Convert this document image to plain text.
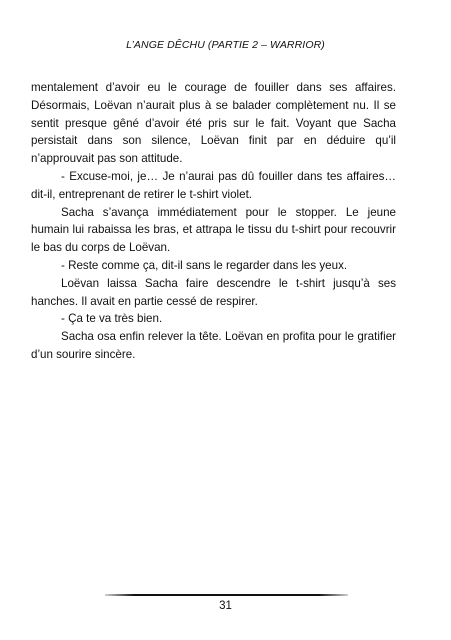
L’ANGE DÊCHU (PARTIE 2 – WARRIOR)

mentalement d’avoir eu le courage de fouiller dans ses affaires. Désormais, Loëvan n’aurait plus à se balader complètement nu. Il se sentit presque gêné d’avoir été pris sur le fait. Voyant que Sacha persistait dans son silence, Loëvan finit par en déduire qu’il n’approuvait pas son attitude.

- Excuse-moi, je… Je n’aurai pas dû fouiller dans tes affaires… dit-il, entreprenant de retirer le t-shirt violet.

Sacha s’avança immédiatement pour le stopper. Le jeune humain lui rabaissa les bras, et attrapa le tissu du t-shirt pour recouvrir le bas du corps de Loëvan.

- Reste comme ça, dit-il sans le regarder dans les yeux.

Loëvan laissa Sacha faire descendre le t-shirt jusqu’à ses hanches. Il avait en partie cessé de respirer.

- Ça te va très bien.

Sacha osa enfin relever la tête. Loëvan en profita pour le gratifier d’un sourire sincère.

31
